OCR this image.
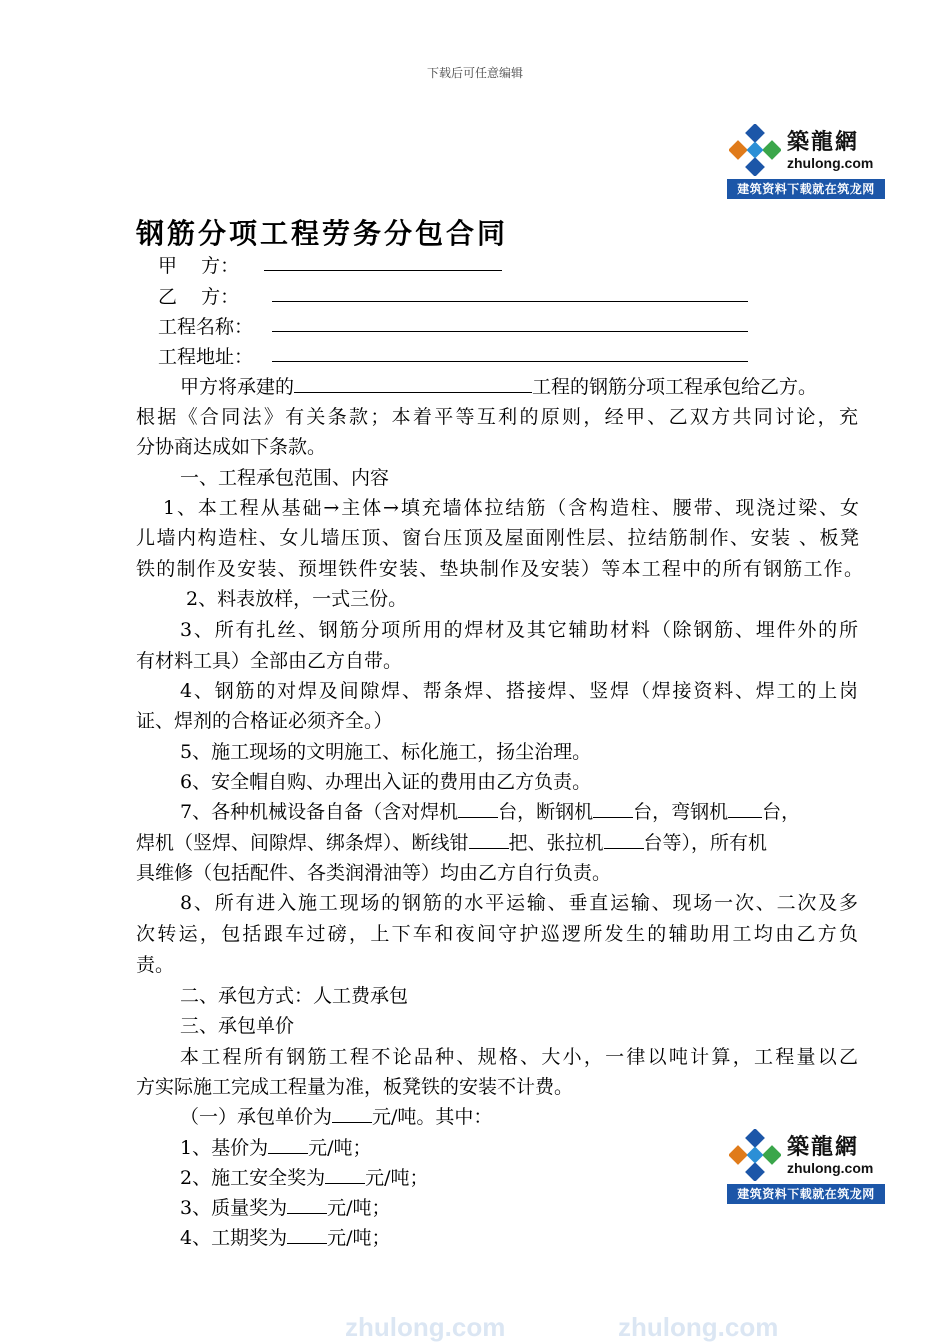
下载后可任意编辑
築龍網
zhulong.com
建筑资料下载就在筑龙网
钢筋分项工程劳务分包合同
甲    方：
乙    方：
工程名称：
工程地址：
甲方将承建的	工程的钢筋分项工程承包给乙方。
根据《合同法》有关条款；本着平等互利的原则，经甲、乙双方共同讨论，充
分协商达成如下条款。
一、工程承包范围、内容
1、本工程从基础→主体→填充墙体拉结筋（含构造柱、腰带、现浇过梁、女
儿墙内构造柱、女儿墙压顶、窗台压顶及屋面刚性层、拉结筋制作、安装 、板凳
铁的制作及安装、预埋铁件安装、垫块制作及安装）等本工程中的所有钢筋工作。
2、料表放样，一式三份。
3、所有扎丝、钢筋分项所用的焊材及其它辅助材料（除钢筋、埋件外的所
有材料工具）全部由乙方自带。
4、钢筋的对焊及间隙焊、帮条焊、搭接焊、竖焊（焊接资料、焊工的上岗
证、焊剂的合格证必须齐全。）
5、施工现场的文明施工、标化施工，扬尘治理。
6、安全帽自购、办理出入证的费用由乙方负责。
7、各种机械设备自备（含对焊机 台，断钢机 台，弯钢机 台，
焊机（竖焊、间隙焊、绑条焊）、断线钳 把、张拉机 台等），所有机
具维修（包括配件、各类润滑油等）均由乙方自行负责。
8、所有进入施工现场的钢筋的水平运输、垂直运输、现场一次、二次及多
次转运，包括跟车过磅，上下车和夜间守护巡逻所发生的辅助用工均由乙方负
责。
二、承包方式：人工费承包
三、承包单价
本工程所有钢筋工程不论品种、规格、大小，一律以吨计算，工程量以乙
方实际施工完成工程量为准，板凳铁的安装不计费。
（一）承包单价为 元/吨。其中：
1、基价为 元/吨；
2、施工安全奖为 元/吨；
3、质量奖为 元/吨；
4、工期奖为 元/吨；
築龍網
zhulong.com
建筑资料下载就在筑龙网
zhulong.com	zhulong.com
